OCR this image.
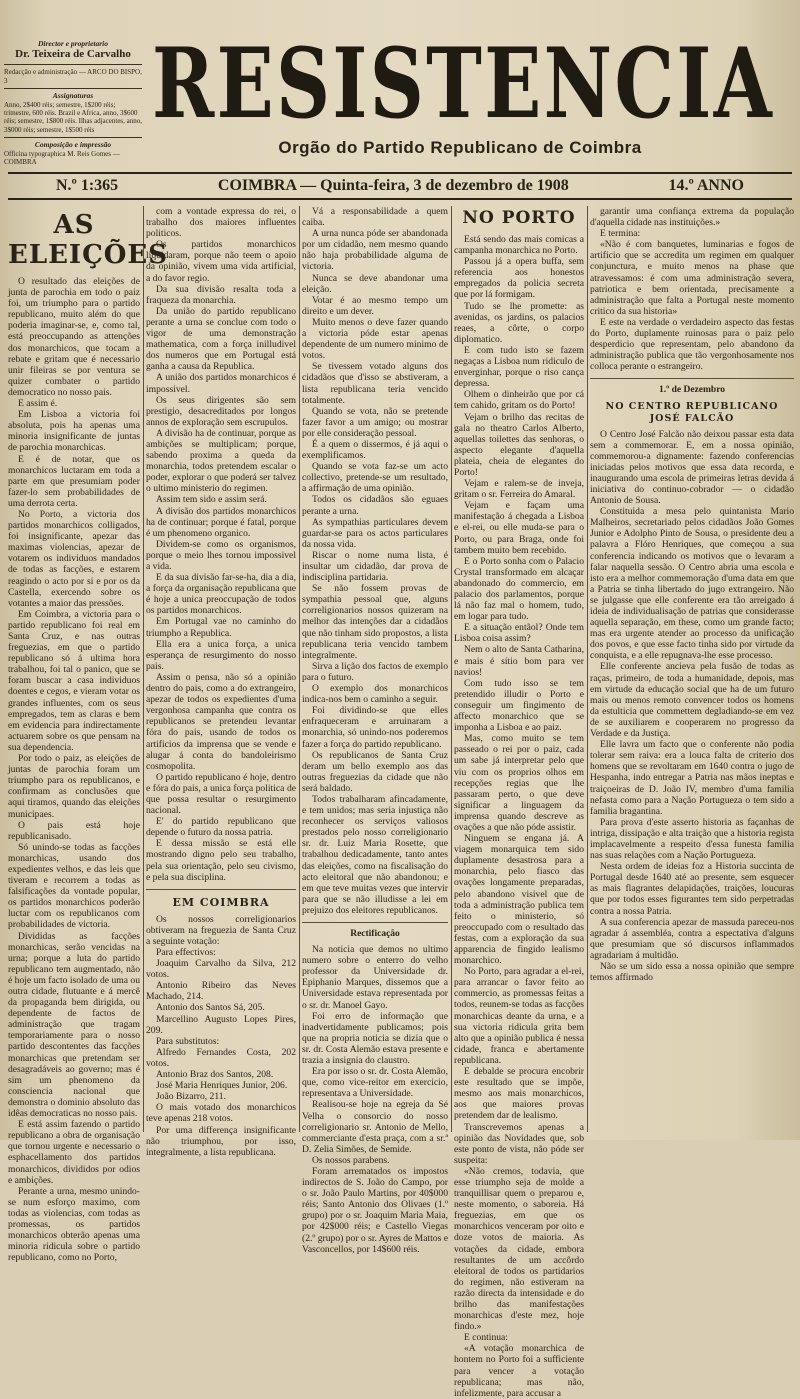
Director e proprietario
Dr. Teixeira de Carvalho
Redacção e administração — ARCO DO BISPO, 3
Assignaturas
Anno, 2$400 réis; semestre, 1$200 réis; trimestre, 600 réis. Brazil e Africa, anno, 3$600 réis; semestre, 1$800 réis. Ilhas adjacentes, anno, 3$000 réis; semestre, 1$500 réis
Composição e impressão
Officina typographica M. Reis Gomes — COIMBRA
RESISTENCIA
Orgão do Partido Republicano de Coimbra
N.º 1:365	COIMBRA — Quinta-feira, 3 de dezembro de 1908	14.º ANNO
AS ELEIÇÕES

O resultado das eleições de junta de parochia em todo o paiz foi, um triumpho para o partido republicano, muito além do que poderia imaginar-se, e, como tal, está preoccupando as attenções dos monarchicos, que tocam a rebate e gritam que é necessario unir fileiras se por ventura se quizer combater o partido democratico no nosso pais.

E assim é.

Em Lisboa a victoria foi absoluta, pois ha apenas uma minoria insignificante de juntas de parochia monarchicas.

E é de notar, que os monarchicos luctaram em toda a parte em que presumiam poder fazer-lo sem probabilidades de uma derrota certa.

No Porto, a victoria dos partidos monarchicos colligados, foi insignificante, apezar das maximas violencias, apezar de votarem os individuos mandados de todas as facções, e estarem reagindo o acto por si e por os da Castella, exercendo sobre os votantes a maior das pressões.

Em Coimbra, a victoria para o partido republicano foi real em Santa Cruz, e nas outras freguezias, em que o partido republicano só á ultima hora trabalhou, foi tal o panico, que se foram buscar a casa individuos doentes e cegos, e vieram votar os grandes influentes, com os seus empregados, tem as claras e bem em evidencia para indirectamente actuarem sobre os que pensam na sua dependencia.

Por todo o paiz, as eleições de juntas de parochia foram um triumpho para os republicanos, e confirmam as conclusões que aqui tiramos, quando das eleições municipaes.

O pais está hoje republicanisado.

Só unindo-se todas as facções monarchicas, usando dos expedientes velhos, e das leis que tiveram e recorrem a todas as falsificações da vontade popular, os partidos monarchicos poderão luctar com os republicanos com probabilidades de victoria.

Divididas as facções monarchicas, serão vencidas na urna; porque a luta do partido republicano tem augmentado, não é hoje um facto isolado de uma ou outra cidade, flutuante e á mercê da propaganda bem dirigida, ou dependente de factos de administração que tragam temporariamente para o nosso partido descontentes das facções monarchicas que pretendam ser desagradáveis ao governo; mas é sim um phenomeno da consciencia nacional que demonstra o dominio absoluto das idêas democraticas no nosso pais.

E está assim fazendo o partido republicano a obra de organisação que tornou urgente e necessario o esphacellamento dos partidos monarchicos, divididos por odios e ambições.

Perante a urna, mesmo unindo-se num esforço maximo, com todas as violencias, com todas as promessas, os partidos monarchicos obterão apenas uma minoria ridicula sobre o partido republicano, como no Porto,

com a vontade expressa do rei, o trabalho dos maiores influentes politicos.

Os partidos monarchicos liquidaram, porque não teem o apoio da opinião, vivem uma vida artificial, a do favor regio.

Da sua divisão resalta toda a fraqueza da monarchia.

Da união do partido republicano perante a urna se conclue com todo o vigor de uma demonstração mathematica, com a força inilludivel dos numeros que em Portugal está ganha a causa da Republica.

A união dos partidos monarchicos é impossivel.

Os seus dirigentes são sem prestigio, desacreditados por longos annos de exploração sem escrupulos.

A divisão ha de continuar, porque as ambições se multiplicam; porque, sabendo proxima a queda da monarchia, todos pretendem escalar o poder, explorar o que poderá ser talvez o ultimo ministerio do regimen.

Assim tem sido e assim será.

A divisão dos partidos monarchicos ha de continuar; porque é fatal, porque é um phenomeno organico.

Dividem-se como os organismos, porque o meio lhes tornou impossivel a vida.

E da sua divisão far-se-ha, dia a dia, a força da organisação republicana que é hoje a unica preoccupação de todos os partidos monarchicos.

Em Portugal vae no caminho do triumpho a Republica.

Ella era a unica força, a unica esperança de resurgimento do nosso pais.

Assim o pensa, não só a opinião dentro do pais, como a do extrangeiro, apezar de todos os expedientes d'uma vergonhosa campanha que contra os republicanos se pretendeu levantar fóra do pais, usando de todos os artificios da imprensa que se vende e alugar á conta do bandoleirismo cosmopolita.

O partido republicano é hoje, dentro e fóra do pais, a unica força politica de que possa resultar o resurgimento nacional.

E' do partido republicano que depende o futuro da nossa patria.

E dessa missão se está elle mostrando digno pelo seu trabalho, pela sua orientação, pelo seu civismo, e pela sua disciplina.

EM COIMBRA

Os nossos correligionarios obtiveram na freguezia de Santa Cruz a seguinte votação:

Para effectivos:

Joaquim Carvalho da Silva, 212 votos.

Antonio Ribeiro das Neves Machado, 214.

Antonio dos Santos Sá, 205.

Marcellino Augusto Lopes Pires, 209.

Para substitutos:

Alfredo Fernandes Costa, 202 votos.

Antonio Braz dos Santos, 208.

José Maria Henriques Junior, 206.

João Bizarro, 211.

O mais votado dos monarchicos teve apenas 218 votos.

Por uma differença insignificante não triumphou, por isso, integralmente, a lista republicana.

Vá a responsabilidade a quem caiba.

A urna nunca póde ser abandonada por um cidadão, nem mesmo quando não haja probabilidade alguma de victoria.

Nunca se deve abandonar uma eleição.

Votar é ao mesmo tempo um direito e um dever.

Muito menos o deve fazer quando a victoria póde estar apenas dependente de um numero minimo de votos.

Se tivessem votado alguns dos cidadãos que d'isso se abstiveram, a lista republicana teria vencido totalmente.

Quando se vota, não se pretende fazer favor a um amigo; ou mostrar por elle consideração pessoal.

É a quem o dissermos, é já aqui o exemplificamos.

Quando se vota faz-se um acto collectivo, pretende-se um resultado, a affirmação de uma opinião.

Todos os cidadãos são eguaes perante a urna.

As sympathias particulares devem guardar-se para os actos particulares da nossa vida.

Riscar o nome numa lista, é insultar um cidadão, dar prova de indisciplina partidaria.

Se não fossem provas de sympathia pessoal que, alguns correligionarios nossos quizeram na melhor das intenções dar a cidadãos que não tinham sido propostos, a lista republicana teria vencido tambem integralmente.

Sirva a lição dos factos de exemplo para o futuro.

O exemplo dos monarchicos indica-nos bem o caminho a seguir.

Foi dividindo-se que elles enfraqueceram e arruinaram a monarchia, só unindo-nos poderemos fazer a força do partido republicano.

Os republicanos de Santa Cruz deram um bello exemplo aos das outras freguezias da cidade que não será baldado.

Todos trabalharam afincadamente, e tem unidos; mas seria injustiça não reconhecer os serviços valiosos prestados pelo nosso correligionario sr. dr. Luiz Maria Rosette, que trabalhou dedicadamente, tanto antes das eleições, como na fiscalisação do acto eleitoral que não abandonou; e em que teve muitas vezes que intervir para que se não illudisse a lei em prejuizo dos eleitores republicanos.

Rectificação

Na noticia que demos no ultimo numero sobre o enterro do velho professor da Universidade dr. Epiphanio Marques, dissemos que a Universidade estava representada por o sr. dr. Manoel Gayo.

Foi erro de informação que inadvertidamente publicamos; pois que na propria noticia se dizia que o sr. dr. Costa Alemão estava presente e trazia a insignia do claustro.

Era por isso o sr. dr. Costa Alemão, que, como vice-reitor em exercicio, representava a Universidade.

Realisou-se hoje na egreja da Sé Velha o consorcio do nosso correligionario sr. Antonio de Mello, commerciante d'esta praça, com a sr.ª D. Zelia Simões, de Semide.

Os nossos parabens.

Foram arrematados os impostos indirectos de S. João do Campo, por o sr. João Paulo Martins, por 40$000 réis; Santo Antonio dos Olivaes (1.º grupo) por o sr. Joaquim Maria Maia, por 42$000 réis; e Castello Viegas (2.º grupo) por o sr. Ayres de Mattos e Vasconcellos, por 14$600 réis.

NO PORTO

Está sendo das mais comicas a campanha monarchica no Porto.

Passou já a opera buffa, sem referencia aos honestos empregados da policia secreta que por lá formigam.

Tudo se lhe promette: as avenidas, os jardins, os palacios reaes, a côrte, o corpo diplomatico.

E com tudo isto se fazem negaças a Lisboa num ridiculo de enverginhar, porque o riso cança depressa.

Olhem o dinheirão que por cá tem cahido, gritam os do Porto!

Vejam o brilho das recitas de gala no theatro Carlos Alberto, aquellas toilettes das senhoras, o aspecto elegante d'aquella plateia, cheia de elegantes do Porto!

Vejam e ralem-se de inveja, gritam o sr. Ferreira do Amaral.

Vejam e façam uma manifestação á chegada a Lisboa e el-rei, ou elle muda-se para o Porto, ou para Braga, onde foi tambem muito bem recebido.

E o Porto sonha com o Palacio Crystal transformado em alcaçar abandonado do commercio, em palacio dos parlamentos, porque lá não faz mal o homem, tudo, em logar para tudo.

E a situação entãol? Onde tem Lisboa coisa assim?

Nem o alto de Santa Catharina, e mais é sítio bom para ver navios!

Com tudo isso se tem pretendido illudir o Porto e conseguir um fingimento de affecto monarchico que se imponha a Lisboa e ao paiz.

Mas, como muito se tem passeado o rei por o paiz, cada um sabe já interpretar pelo que viu com os proprios olhos em recepções regias que lhe passaram perto, o que deve significar a linguagem da imprensa quando descreve as ovações a que não póde assistir.

Ninguem se engana já. A viagem monarquica tem sido duplamente desastrosa para a monarchia, pelo fiasco das ovações longamente preparadas, pelo abandono visivel que de toda a administração publica tem feito o ministerio, só preoccupado com o resultado das festas, com a exploração da sua apparencia de fingido lealismo monarchico.

No Porto, para agradar a el-rei, para arrancar o favor feito ao commercio, as promessas feitas a todos, reunem-se todas as facções monarchicas deante da urna, e a sua victoria ridicula grita bem alto que a opinião publica é nessa cidade, franca e abertamente republicana.

E debalde se procura encobrir este resultado que se impõe, mesmo aos mais monarchicos, aos que maiores provas pretendem dar de lealismo.

Transcrevemos apenas a opinião das Novidades que, sob este ponto de vista, não póde ser suspeita:

«Não cremos, todavia, que esse triumpho seja de molde a tranquillisar quem o preparou e, neste momento, o saboreia. Há freguezias, em que os monarchicos venceram por oito e doze votos de maioria. As votações da cidade, embora resultantes de um accôrdo eleitoral de todos os partidarios do regimen, não estiveram na razão directa da intensidade e do brilho das manifestações monarchicas d'este mez, hoje findo.»

E continua:

«A votação monarchica de hontem no Porto foi a sufficiente para vencer a votação republicana; mas não, infelizmente, para accusar a

garantir uma confiança extrema da população d'aquella cidade nas instituições.»

E termina:

«Não é com banquetes, luminarias e fogos de artificio que se accredita um regimen em qualquer conjunctura, e muito menos na phase que atravessamos: é com uma administração severa, patriotica e bem orientada, precisamente a administração que falta a Portugal neste momento critico da sua historia»

E este na verdade o verdadeiro aspecto das festas do Porto, duplamente ruinosas para o paiz pelo desperdicio que representam, pelo abandono da administração publica que tão vergonhosamente nos colloca perante o estrangeiro.

1.º de Dezembro
NO CENTRO REPUBLICANO JOSÉ FALCÃO

O Centro José Falcão não deixou passar esta data sem a commemorar. E, em a nossa opinião, commemorou-a dignamente: fazendo conferencias iniciadas pelos motivos que essa data recorda, e inaugurando uma escola de primeiras letras devida á iniciativa do continuo-cobrador — o cidadão Antonio de Sousa.

Constituida a mesa pelo quintanista Mario Malheiros, secretariado pelos cidadãos João Gomes Junior e Adolpho Pinto de Sousa, o presidente deu a palavra a Flóro Henriques, que começou a sua conferencia indicando os motivos que o levaram a falar naquella sessão. O Centro abria uma escola e isto era a melhor commemoração d'uma data em que a Patria se tinha libertado do jugo extrangeiro. Não se julgasse que elle conferente era tão arreigado á ideia de individualisação de patrias que considerasse aquella separação, em these, como um grande facto; mas era urgente atender ao processo da unificação dos povos, e que esse facto tinha sido por virtude da conquista, e a elle repugnava-lhe esse processo.

Elle conferente ancieva pela fusão de todas as raças, primeiro, de toda a humanidade, depois, mas em virtude da educação social que ha de um futuro mais ou menos remoto convencer todos os homens da estulticia que commettem degladiando-se em vez de se auxiliarem e cooperarem no progresso da Verdade e da Justiça.

Elle lavra um facto que o conferente não podia tolerar sem raiva: era a louca falta de criterio dos homens que se revoltaram em 1640 contra o jugo de Hespanha, indo entregar a Patria nas mãos ineptas e traiçoeiras de D. João IV, membro d'uma familia nefasta como para a Nação Portugueza o tem sido a familia bragantina.

Para prova d'este asserto historia as façanhas de intriga, dissipação e alta traição que a historia regista implacavelmente a respeito d'essa funesta familia nas suas relações com a Nação Portugueza.

Nesta ordem de ideias foz a Historia succinta de Portugal desde 1640 até ao presente, sem esquecer as mais flagrantes delapidações, traições, loucuras que por todos esses figurantes tem sido perpetradas contra a nossa Patria.

A sua conferencia apezar de massuda pareceu-nos agradar á assembléa, contra a espectativa d'alguns que presumiam que só discursos inflammados agradariam á multidão.

Não se um sido essa a nossa opinião que sempre temos affirmado
